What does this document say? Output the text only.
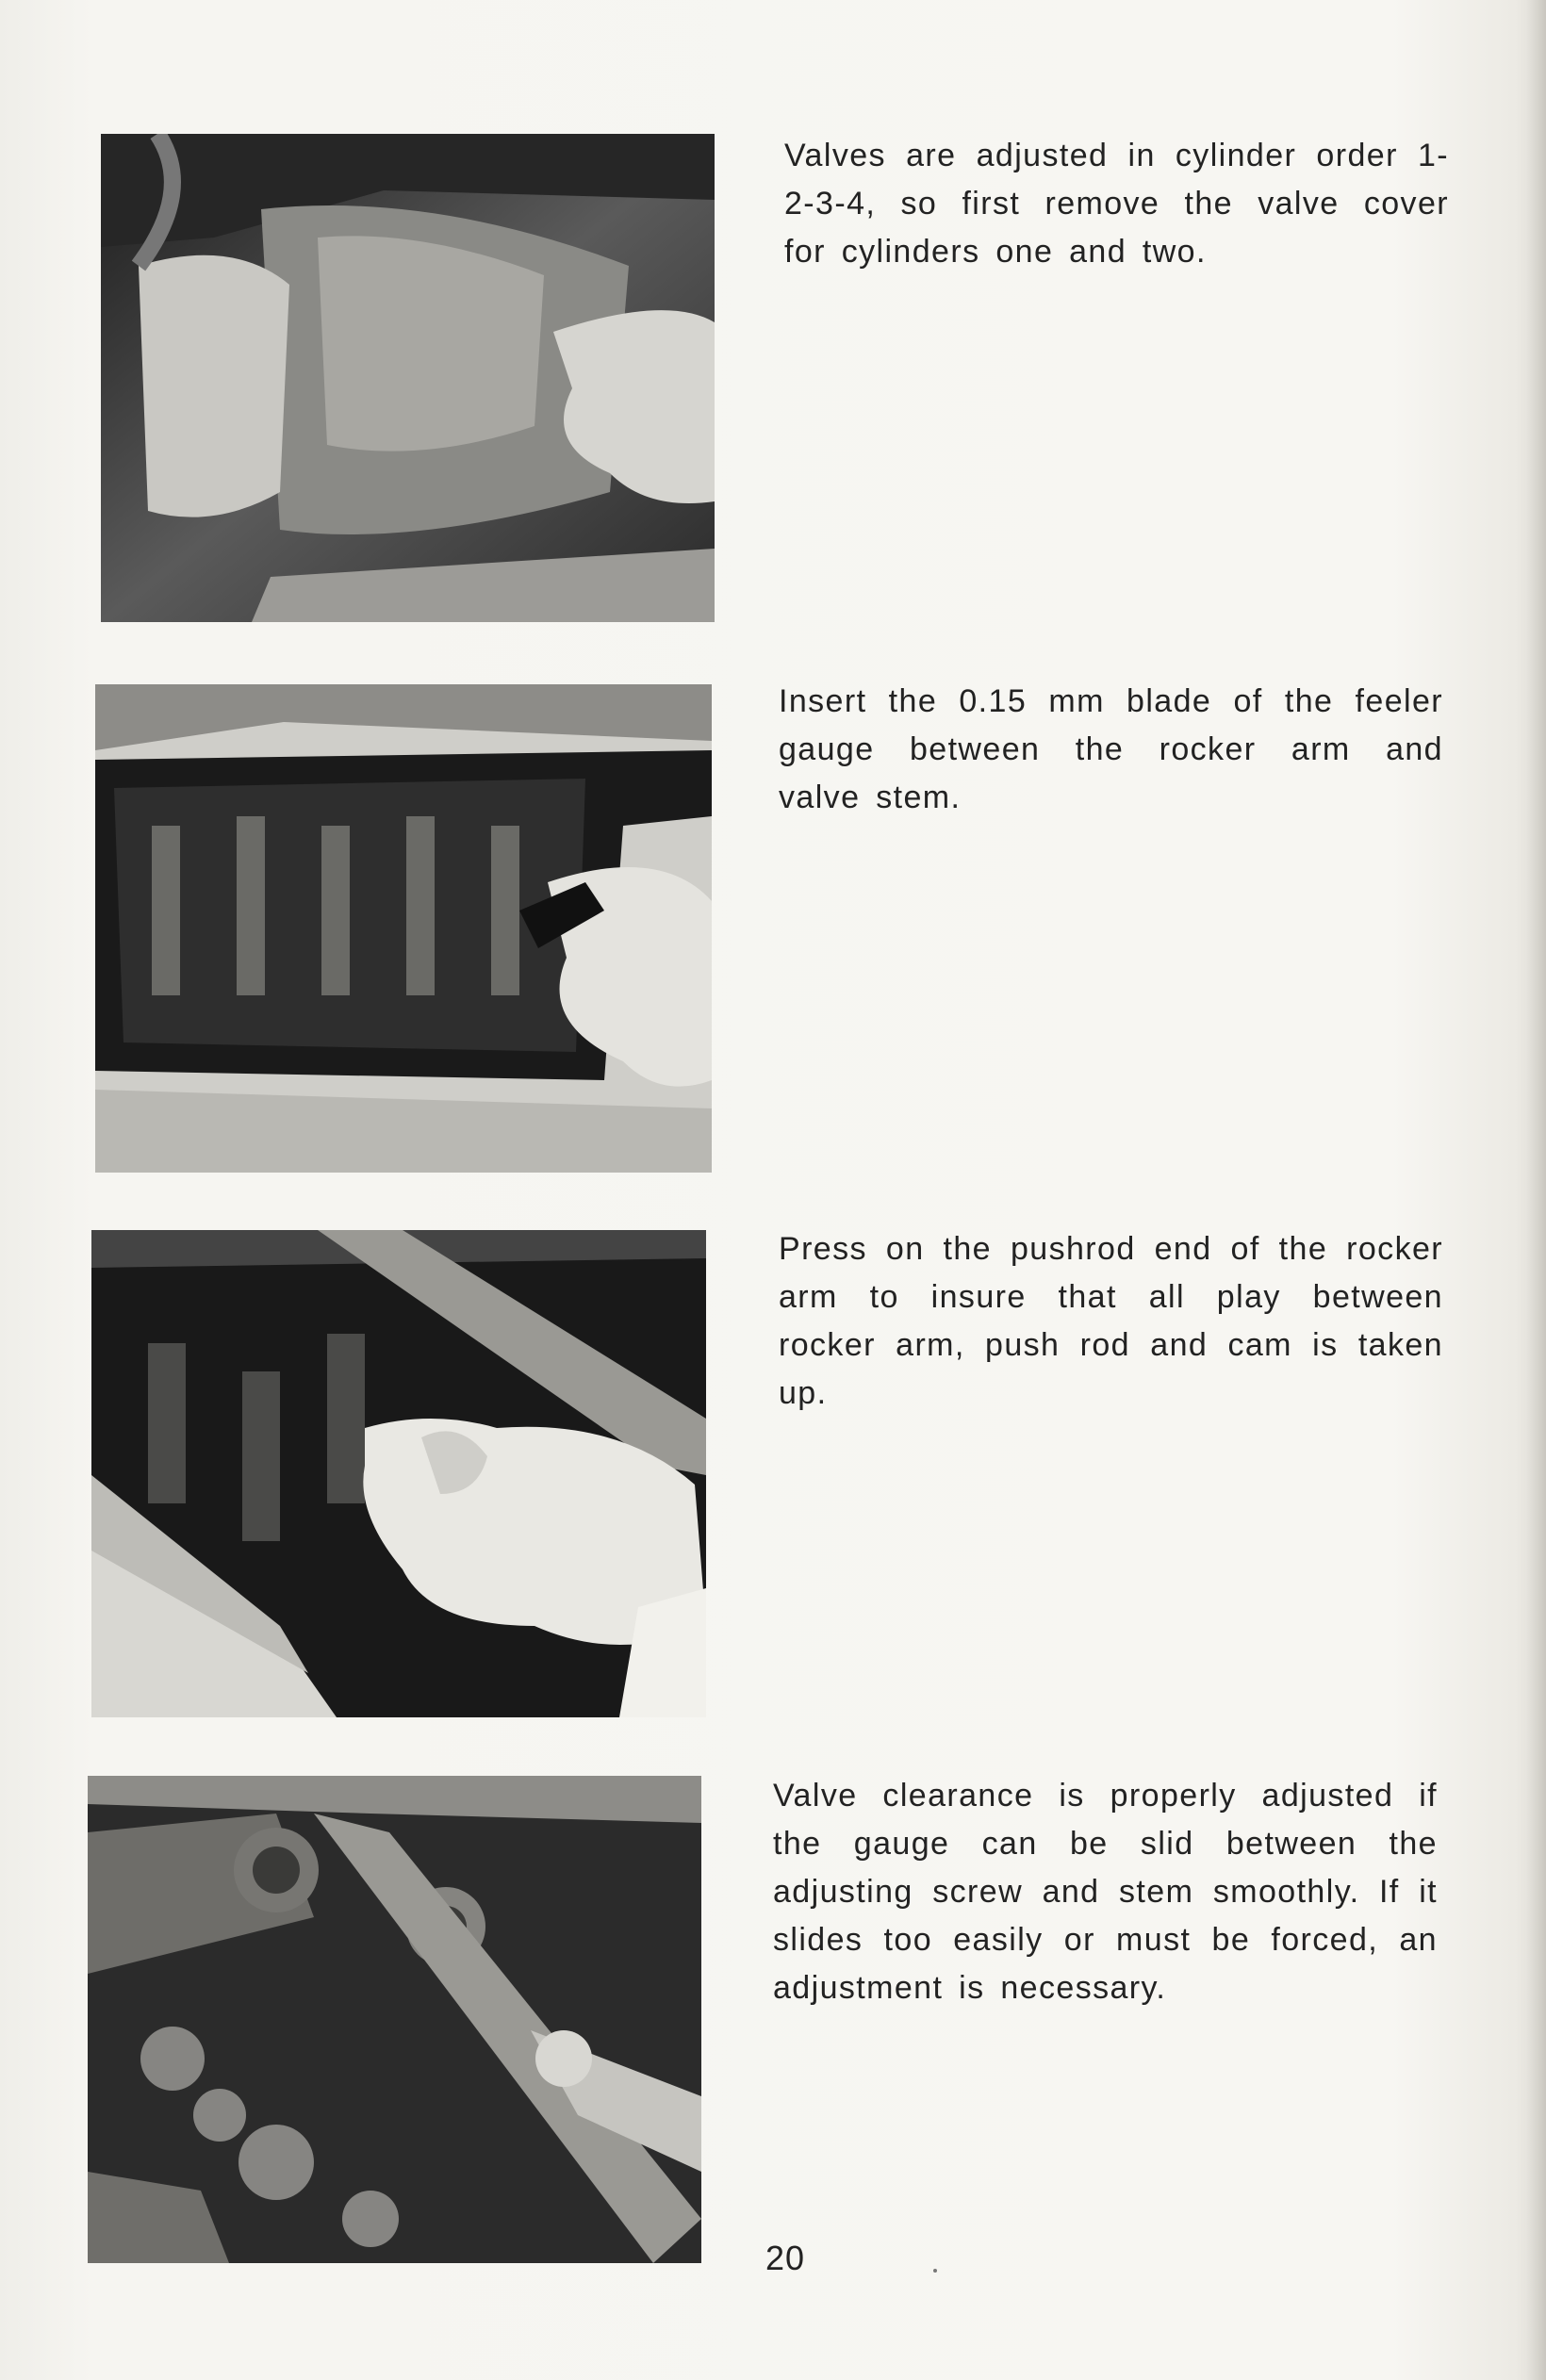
Valves are adjusted in cylinder order 1-2-3-4, so first remove the valve cover for cylinders one and two.
Insert the 0.15 mm blade of the feeler gauge between the rocker arm and valve stem.
Press on the pushrod end of the rocker arm to insure that all play between rocker arm, push rod and cam is taken up.
Valve clearance is properly adjusted if the gauge can be slid between the adjusting screw and stem smoothly. If it slides too easily or must be forced, an adjustment is necessary.
20
